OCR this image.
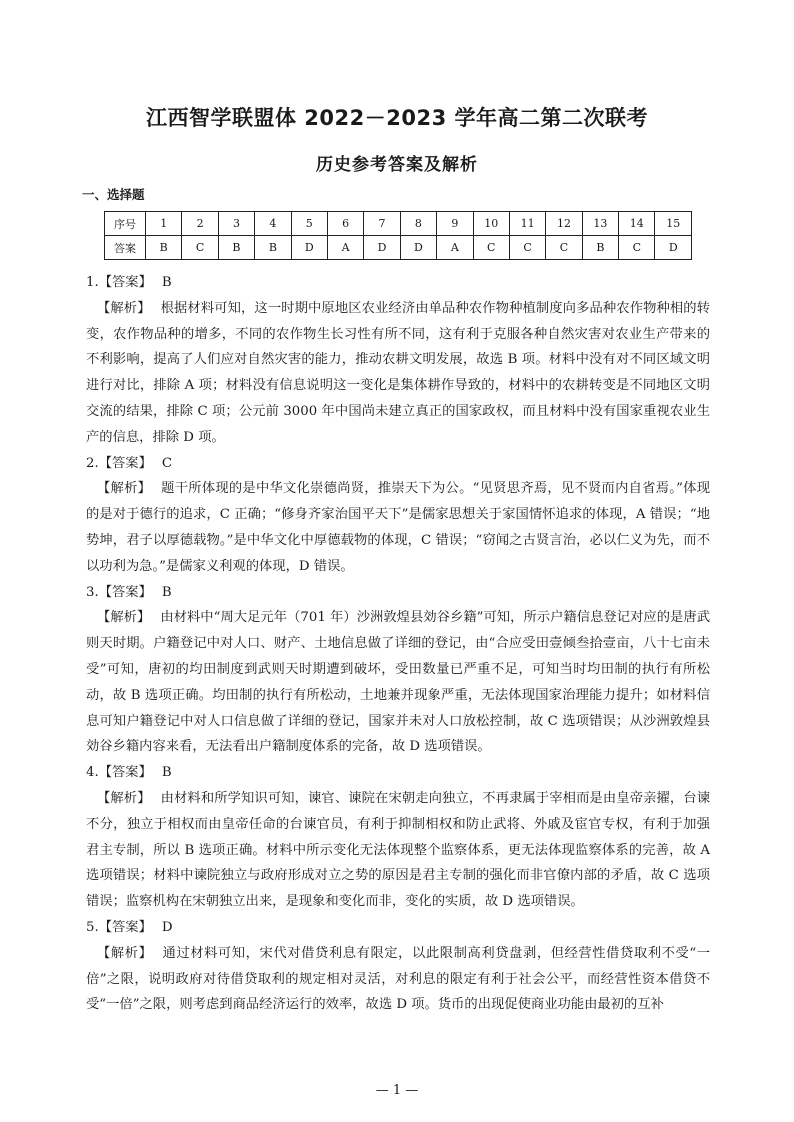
江西智学联盟体 2022－2023 学年高二第二次联考
历史参考答案及解析
一、选择题
序号	1	2	3	4	5	6	7	8	9	10	11	12	13	14	15
答案	B	C	B	B	D	A	D	D	A	C	C	C	B	C	D

1.【答案】 B

【解析】 根据材料可知，这一时期中原地区农业经济由单品种农作物种植制度向多品种农作物种相的转变，农作物品种的增多，不同的农作物生长习性有所不同，这有利于克服各种自然灾害对农业生产带来的不利影响，提高了人们应对自然灾害的能力，推动农耕文明发展，故选 B 项。材料中没有对不同区域文明进行对比，排除 A 项；材料没有信息说明这一变化是集体耕作导致的，材料中的农耕转变是不同地区文明交流的结果，排除 C 项；公元前 3000 年中国尚未建立真正的国家政权，而且材料中没有国家重视农业生产的信息，排除 D 项。

2.【答案】 C

【解析】 题干所体现的是中华文化崇德尚贤，推崇天下为公。“见贤思齐焉，见不贤而内自省焉。”体现的是对于德行的追求，C 正确；“修身齐家治国平天下”是儒家思想关于家国情怀追求的体现，A 错误；“地势坤，君子以厚德载物。”是中华文化中厚德载物的体现，C 错误；“窃闻之古贤言治，必以仁义为先，而不以功利为急。”是儒家义利观的体现，D 错误。

3.【答案】 B

【解析】 由材料中“周大足元年（701 年）沙洲敦煌县効谷乡籍”可知，所示户籍信息登记对应的是唐武则天时期。户籍登记中对人口、财产、土地信息做了详细的登记，由“合应受田壹倾叁拾壹亩，八十七亩未受”可知，唐初的均田制度到武则天时期遭到破坏，受田数量已严重不足，可知当时均田制的执行有所松动，故 B 选项正确。均田制的执行有所松动，土地兼并现象严重，无法体现国家治理能力提升；如材料信息可知户籍登记中对人口信息做了详细的登记，国家并未对人口放松控制，故 C 选项错误；从沙洲敦煌县効谷乡籍内容来看，无法看出户籍制度体系的完备，故 D 选项错误。

4.【答案】 B

【解析】 由材料和所学知识可知，谏官、谏院在宋朝走向独立，不再隶属于宰相而是由皇帝亲擢，台谏不分，独立于相权而由皇帝任命的台谏官员，有利于抑制相权和防止武将、外戚及宦官专权，有利于加强君主专制，所以 B 选项正确。材料中所示变化无法体现整个监察体系，更无法体现监察体系的完善，故 A 选项错误；材料中谏院独立与政府形成对立之势的原因是君主专制的强化而非官僚内部的矛盾，故 C 选项错误；监察机构在宋朝独立出来，是现象和变化而非，变化的实质，故 D 选项错误。

5.【答案】 D

【解析】 通过材料可知，宋代对借贷利息有限定，以此限制高利贷盘剥，但经营性借贷取利不受“一倍”之限，说明政府对待借贷取利的规定相对灵活，对利息的限定有利于社会公平，而经营性资本借贷不受“一倍”之限，则考虑到商品经济运行的效率，故选 D 项。货币的出现促使商业功能由最初的互补

— 1 —
